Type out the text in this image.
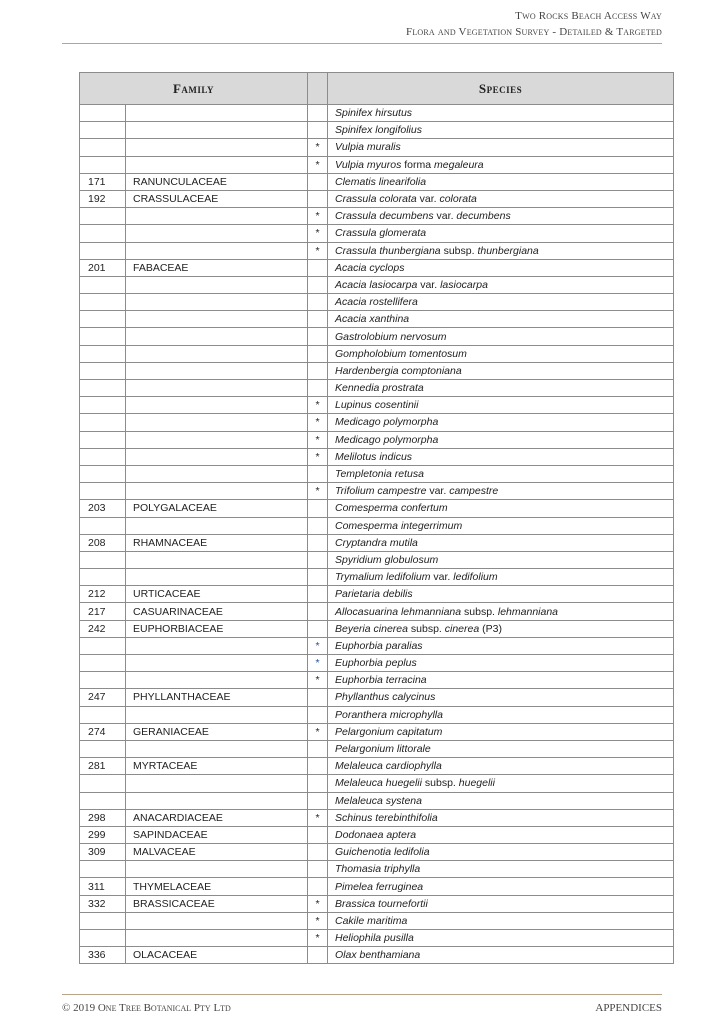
Two Rocks Beach Access Way
Flora and Vegetation Survey - Detailed & Targeted
Family			Species
			Spinifex hirsutus
			Spinifex longifolius
		*	Vulpia muralis
		*	Vulpia myuros forma megaleura
171	RANUNCULACEAE		Clematis linearifolia
192	CRASSULACEAE		Crassula colorata var. colorata
		*	Crassula decumbens var. decumbens
		*	Crassula glomerata
		*	Crassula thunbergiana subsp. thunbergiana
201	FABACEAE		Acacia cyclops
			Acacia lasiocarpa var. lasiocarpa
			Acacia rostellifera
			Acacia xanthina
			Gastrolobium nervosum
			Gompholobium tomentosum
			Hardenbergia comptoniana
			Kennedia prostrata
		*	Lupinus cosentinii
		*	Medicago polymorpha
		*	Medicago polymorpha
		*	Melilotus indicus
			Templetonia retusa
		*	Trifolium campestre var. campestre
203	POLYGALACEAE		Comesperma confertum
			Comesperma integerrimum
208	RHAMNACEAE		Cryptandra mutila
			Spyridium globulosum
			Trymalium ledifolium var. ledifolium
212	URTICACEAE		Parietaria debilis
217	CASUARINACEAE		Allocasuarina lehmanniana subsp. lehmanniana
242	EUPHORBIACEAE		Beyeria cinerea subsp. cinerea (P3)
		*	Euphorbia paralias
		*	Euphorbia peplus
		*	Euphorbia terracina
247	PHYLLANTHACEAE		Phyllanthus calycinus
			Poranthera microphylla
274	GERANIACEAE	*	Pelargonium capitatum
			Pelargonium littorale
281	MYRTACEAE		Melaleuca cardiophylla
			Melaleuca huegelii subsp. huegelii
			Melaleuca systena
298	ANACARDIACEAE	*	Schinus terebinthifolia
299	SAPINDACEAE		Dodonaea aptera
309	MALVACEAE		Guichenotia ledifolia
			Thomasia triphylla
311	THYMELACEAE		Pimelea ferruginea
332	BRASSICACEAE	*	Brassica tournefortii
		*	Cakile maritima
		*	Heliophila pusilla
336	OLACACEAE		Olax benthamiana
© 2019 One Tree Botanical Pty Ltd	APPENDICES
